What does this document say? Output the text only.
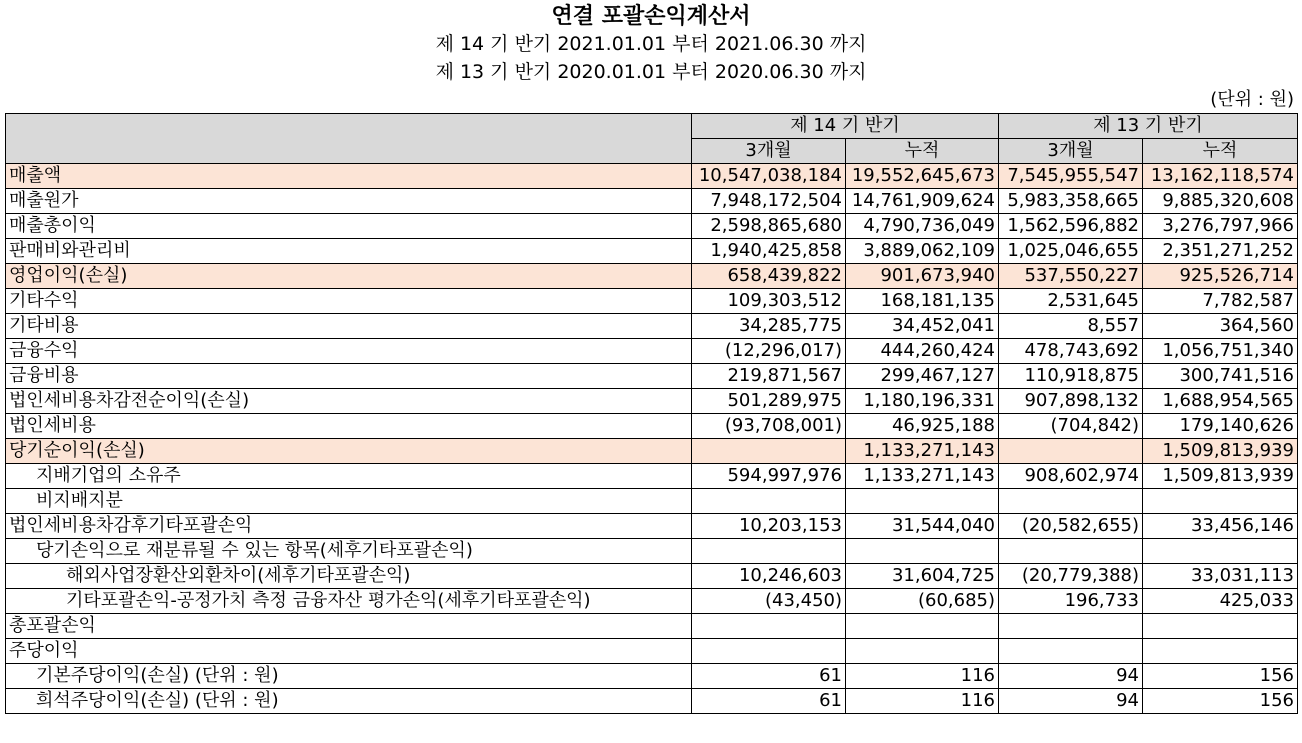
연결 포괄손익계산서
제 14 기 반기 2021.01.01 부터 2021.06.30 까지
제 13 기 반기 2020.01.01 부터 2020.06.30 까지
(단위 : 원)
	제 14 기 반기		제 13 기 반기	
	3개월	누적	3개월	누적
매출액	10,547,038,184	19,552,645,673	7,545,955,547	13,162,118,574
매출원가	7,948,172,504	14,761,909,624	5,983,358,665	9,885,320,608
매출총이익	2,598,865,680	4,790,736,049	1,562,596,882	3,276,797,966
판매비와관리비	1,940,425,858	3,889,062,109	1,025,046,655	2,351,271,252
영업이익(손실)	658,439,822	901,673,940	537,550,227	925,526,714
기타수익	109,303,512	168,181,135	2,531,645	7,782,587
기타비용	34,285,775	34,452,041	8,557	364,560
금융수익	(12,296,017)	444,260,424	478,743,692	1,056,751,340
금융비용	219,871,567	299,467,127	110,918,875	300,741,516
법인세비용차감전순이익(손실)	501,289,975	1,180,196,331	907,898,132	1,688,954,565
법인세비용	(93,708,001)	46,925,188	(704,842)	179,140,626
당기순이익(손실)		1,133,271,143		1,509,813,939
지배기업의 소유주	594,997,976	1,133,271,143	908,602,974	1,509,813,939
비지배지분				
법인세비용차감후기타포괄손익	10,203,153	31,544,040	(20,582,655)	33,456,146
당기손익으로 재분류될 수 있는 항목(세후기타포괄손익)				
해외사업장환산외환차이(세후기타포괄손익)	10,246,603	31,604,725	(20,779,388)	33,031,113
기타포괄손익-공정가치 측정 금융자산 평가손익(세후기타포괄손익)	(43,450)	(60,685)	196,733	425,033
총포괄손익				
주당이익				
기본주당이익(손실) (단위 : 원)	61	116	94	156
희석주당이익(손실) (단위 : 원)	61	116	94	156
